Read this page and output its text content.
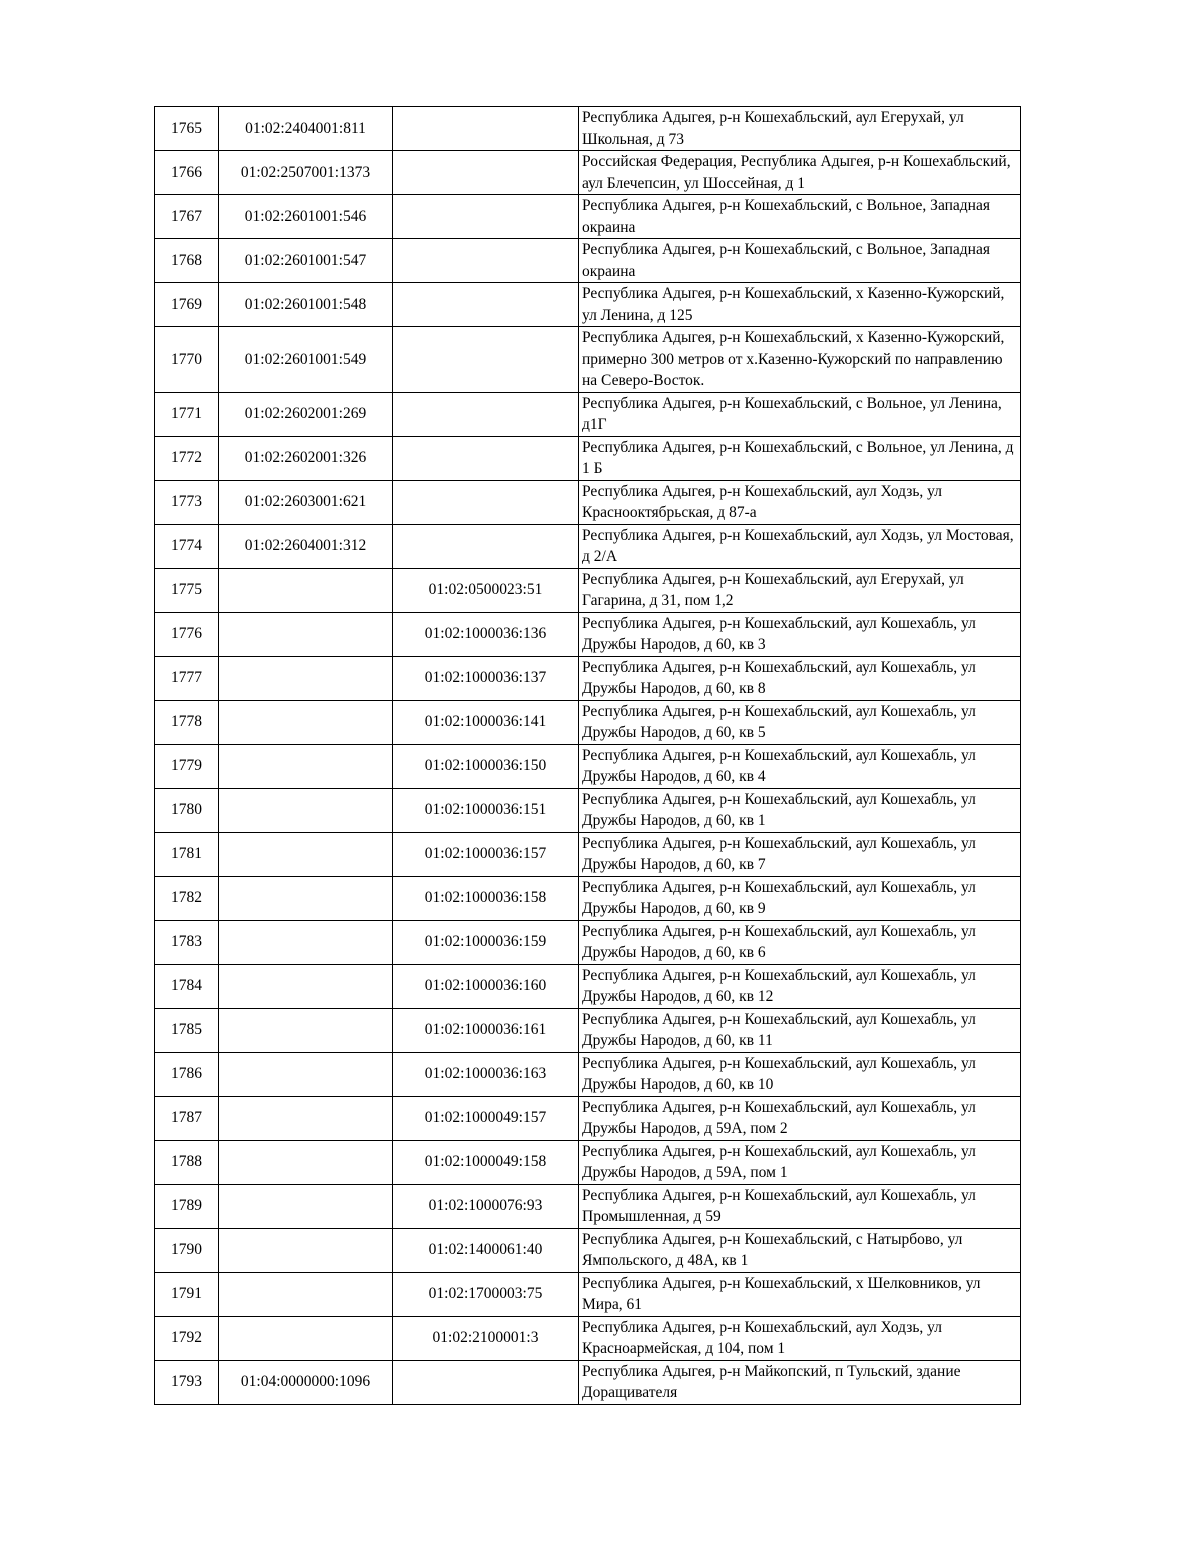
1765	01:02:2404001:811		Республика Адыгея, р-н Кошехабльский, аул Егерухай, ул Школьная, д 73
1766	01:02:2507001:1373		Российская Федерация, Республика Адыгея, р-н Кошехабльский, аул Блечепсин, ул Шоссейная, д 1
1767	01:02:2601001:546		Республика Адыгея, р-н Кошехабльский, с Вольное, Западная окраина
1768	01:02:2601001:547		Республика Адыгея, р-н Кошехабльский, с Вольное, Западная окраина
1769	01:02:2601001:548		Республика Адыгея, р-н Кошехабльский, х Казенно-Кужорский, ул Ленина, д 125
1770	01:02:2601001:549		Республика Адыгея, р-н Кошехабльский, х Казенно-Кужорский, примерно 300 метров от х.Казенно-Кужорский по направлению на Северо-Восток.
1771	01:02:2602001:269		Республика Адыгея, р-н Кошехабльский, с Вольное, ул Ленина, д1Г
1772	01:02:2602001:326		Республика Адыгея, р-н Кошехабльский, с Вольное, ул Ленина, д 1 Б
1773	01:02:2603001:621		Республика Адыгея, р-н Кошехабльский, аул Ходзь, ул Краснооктябрьская, д 87-а
1774	01:02:2604001:312		Республика Адыгея, р-н Кошехабльский, аул Ходзь, ул Мостовая, д 2/А
1775		01:02:0500023:51	Республика Адыгея, р-н Кошехабльский, аул Егерухай, ул Гагарина, д 31, пом 1,2
1776		01:02:1000036:136	Республика Адыгея, р-н Кошехабльский, аул Кошехабль, ул Дружбы Народов, д 60, кв 3
1777		01:02:1000036:137	Республика Адыгея, р-н Кошехабльский, аул Кошехабль, ул Дружбы Народов, д 60, кв 8
1778		01:02:1000036:141	Республика Адыгея, р-н Кошехабльский, аул Кошехабль, ул Дружбы Народов, д 60, кв 5
1779		01:02:1000036:150	Республика Адыгея, р-н Кошехабльский, аул Кошехабль, ул Дружбы Народов, д 60, кв 4
1780		01:02:1000036:151	Республика Адыгея, р-н Кошехабльский, аул Кошехабль, ул Дружбы Народов, д 60, кв 1
1781		01:02:1000036:157	Республика Адыгея, р-н Кошехабльский, аул Кошехабль, ул Дружбы Народов, д 60, кв 7
1782		01:02:1000036:158	Республика Адыгея, р-н Кошехабльский, аул Кошехабль, ул Дружбы Народов, д 60, кв 9
1783		01:02:1000036:159	Республика Адыгея, р-н Кошехабльский, аул Кошехабль, ул Дружбы Народов, д 60, кв 6
1784		01:02:1000036:160	Республика Адыгея, р-н Кошехабльский, аул Кошехабль, ул Дружбы Народов, д 60, кв 12
1785		01:02:1000036:161	Республика Адыгея, р-н Кошехабльский, аул Кошехабль, ул Дружбы Народов, д 60, кв 11
1786		01:02:1000036:163	Республика Адыгея, р-н Кошехабльский, аул Кошехабль, ул Дружбы Народов, д 60, кв 10
1787		01:02:1000049:157	Республика Адыгея, р-н Кошехабльский, аул Кошехабль, ул Дружбы Народов, д 59А, пом 2
1788		01:02:1000049:158	Республика Адыгея, р-н Кошехабльский, аул Кошехабль, ул Дружбы Народов, д 59А, пом 1
1789		01:02:1000076:93	Республика Адыгея, р-н Кошехабльский, аул Кошехабль, ул Промышленная, д 59
1790		01:02:1400061:40	Республика Адыгея, р-н Кошехабльский, с Натырбово, ул Ямпольского, д 48А, кв 1
1791		01:02:1700003:75	Республика Адыгея, р-н Кошехабльский, х Шелковников, ул Мира, 61
1792		01:02:2100001:3	Республика Адыгея, р-н Кошехабльский, аул Ходзь, ул Красноармейская, д 104, пом 1
1793	01:04:0000000:1096		Республика Адыгея, р-н Майкопский, п Тульский, здание Доращивателя
